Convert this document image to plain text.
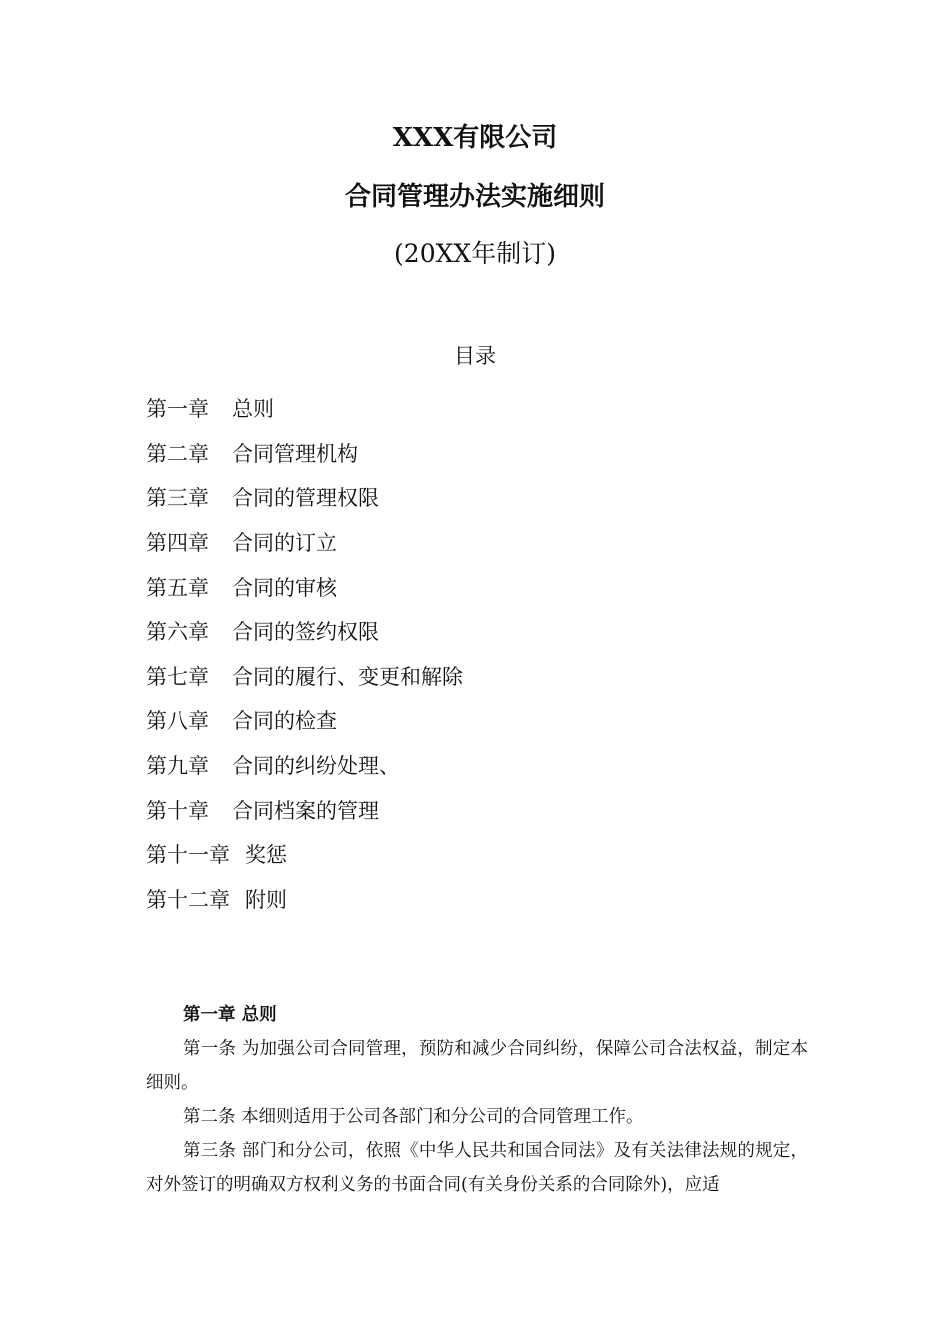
XXX有限公司
合同管理办法实施细则
(20XX年制订)
目录
第一章	总则
第二章	合同管理机构
第三章	合同的管理权限
第四章	合同的订立
第五章	合同的审核
第六章	合同的签约权限
第七章	合同的履行、变更和解除
第八章	合同的检查
第九章	合同的纠纷处理、
第十章	合同档案的管理
第十一章 奖惩
第十二章 附则

第一章 总则

第一条 为加强公司合同管理，预防和减少合同纠纷，保障公司合法权益，制定本细则。

第二条 本细则适用于公司各部门和分公司的合同管理工作。

第三条 部门和分公司，依照《中华人民共和国合同法》及有关法律法规的规定，对外签订的明确双方权利义务的书面合同(有关身份关系的合同除外)，应适
